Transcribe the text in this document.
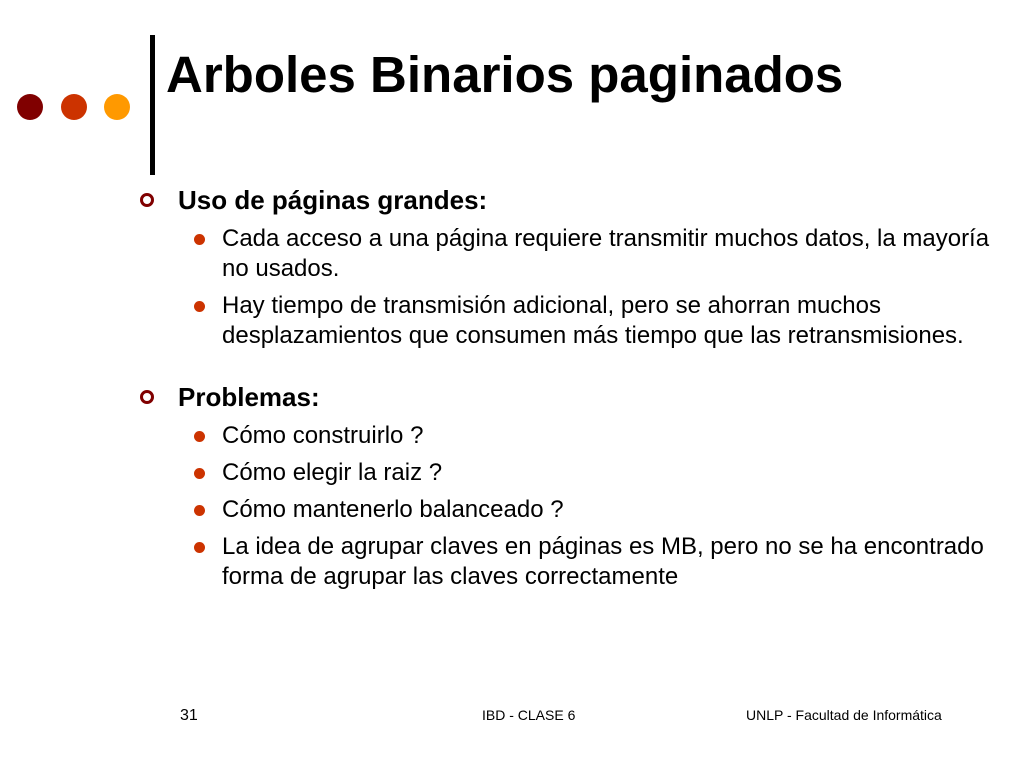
Arboles Binarios paginados
Uso de páginas grandes:
Cada acceso a una página requiere transmitir muchos datos, la mayoría no usados.
Hay tiempo de transmisión adicional, pero se ahorran muchos desplazamientos que consumen más tiempo que las retransmisiones.
Problemas:
Cómo construirlo ?
Cómo elegir la raiz ?
Cómo mantenerlo balanceado ?
La idea de agrupar claves en páginas es MB, pero no se ha encontrado forma de agrupar las claves correctamente
31	IBD - CLASE 6	UNLP - Facultad de Informática
